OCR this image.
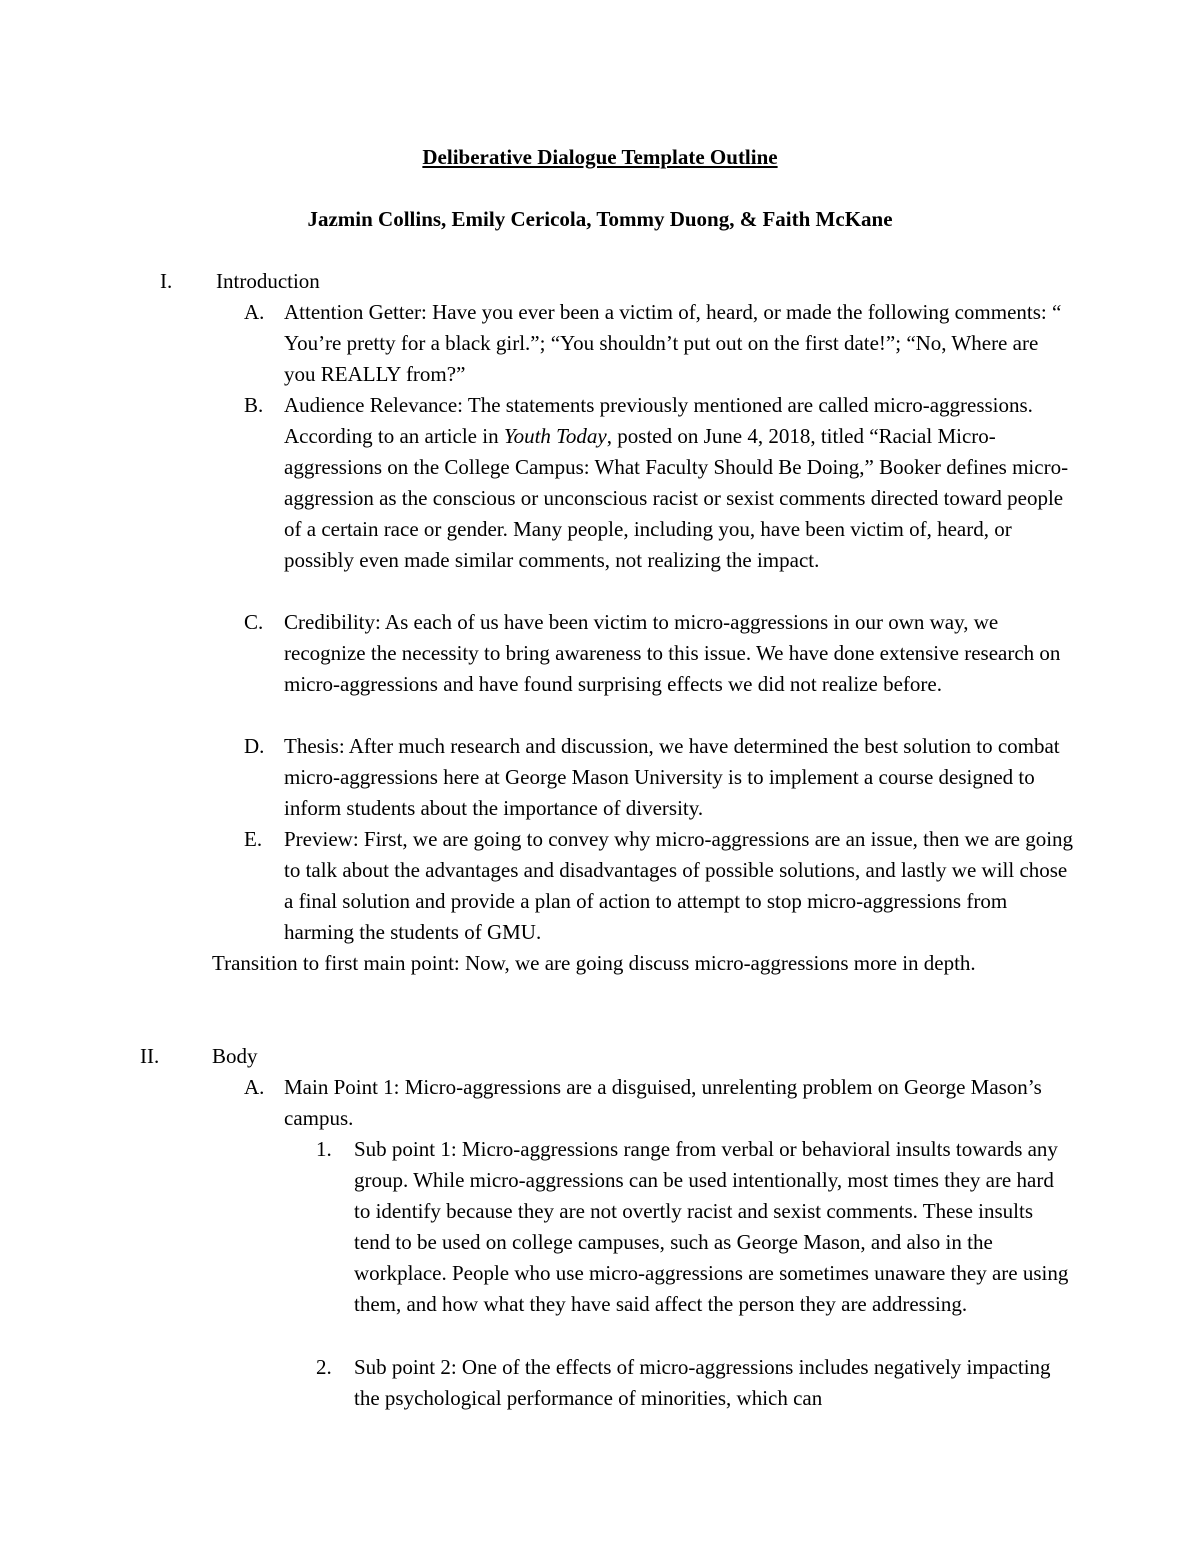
Deliberative Dialogue Template Outline
Jazmin Collins, Emily Cericola, Tommy Duong, & Faith McKane
I. Introduction
A. Attention Getter: Have you ever been a victim of, heard, or made the following comments: “ You’re pretty for a black girl.”; “You shouldn’t put out on the first date!”; “No, Where are you REALLY from?”
B. Audience Relevance: The statements previously mentioned are called micro-aggressions. According to an article in Youth Today, posted on June 4, 2018, titled “Racial Micro-aggressions on the College Campus: What Faculty Should Be Doing,” Booker defines micro-aggression as the conscious or unconscious racist or sexist comments directed toward people of a certain race or gender. Many people, including you, have been victim of, heard, or possibly even made similar comments, not realizing the impact.
C. Credibility: As each of us have been victim to micro-aggressions in our own way, we recognize the necessity to bring awareness to this issue. We have done extensive research on micro-aggressions and have found surprising effects we did not realize before.
D. Thesis: After much research and discussion, we have determined the best solution to combat micro-aggressions here at George Mason University is to implement a course designed to inform students about the importance of diversity.
E. Preview: First, we are going to convey why micro-aggressions are an issue, then we are going to talk about the advantages and disadvantages of possible solutions, and lastly we will chose a final solution and provide a plan of action to attempt to stop micro-aggressions from harming the students of GMU.
Transition to first main point: Now, we are going discuss micro-aggressions more in depth.
II.	Body
A. Main Point 1: Micro-aggressions are a disguised, unrelenting problem on George Mason’s campus.
1. Sub point 1: Micro-aggressions range from verbal or behavioral insults towards any group. While micro-aggressions can be used intentionally, most times they are hard to identify because they are not overtly racist and sexist comments. These insults tend to be used on college campuses, such as George Mason, and also in the workplace. People who use micro-aggressions are sometimes unaware they are using them, and how what they have said affect the person they are addressing.
2. Sub point 2: One of the effects of micro-aggressions includes negatively impacting the psychological performance of minorities, which can
